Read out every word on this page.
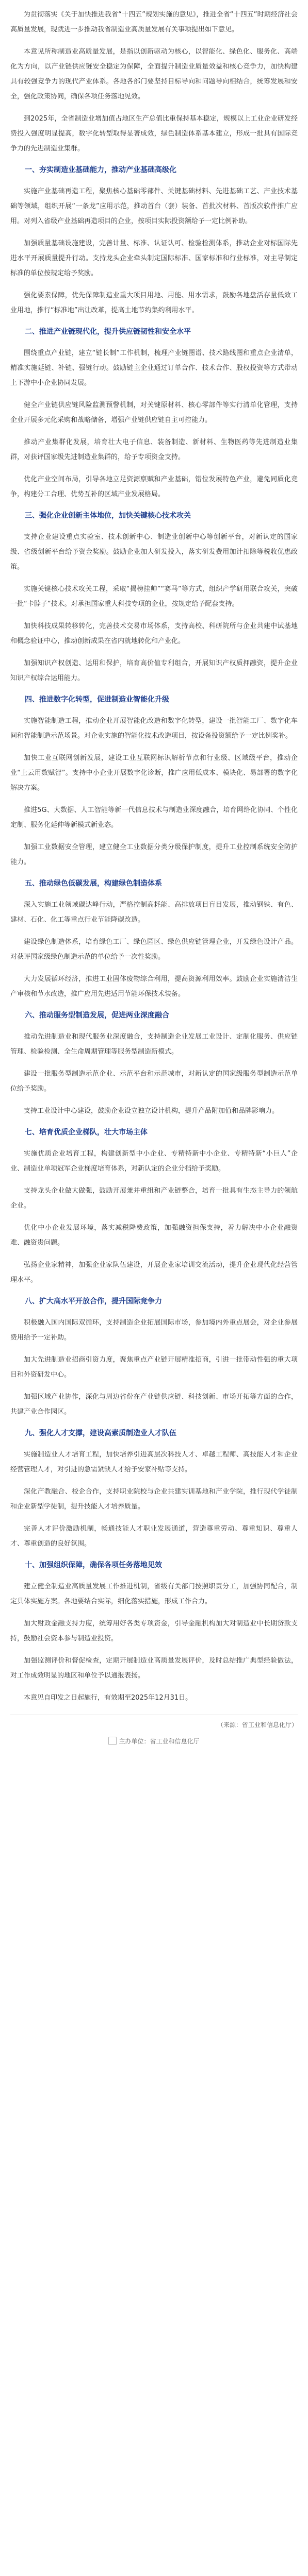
为贯彻落实《关于加快推进我省“十四五”规划实施的意见》，推进全省“十四五”时期经济社会高质量发展，现就进一步推动我省制造业高质量发展有关事项提出如下意见。

本意见所称制造业高质量发展，是指以创新驱动为核心，以智能化、绿色化、服务化、高端化为方向，以产业链供应链安全稳定为保障，全面提升制造业质量效益和核心竞争力，加快构建具有较强竞争力的现代产业体系。各地各部门要坚持目标导向和问题导向相结合，统筹发展和安全，强化政策协同，确保各项任务落地见效。

到2025年，全省制造业增加值占地区生产总值比重保持基本稳定，规模以上工业企业研发经费投入强度明显提高，数字化转型取得显著成效，绿色制造体系基本建立，形成一批具有国际竞争力的先进制造业集群。

一、夯实制造业基础能力，推动产业基础高级化

实施产业基础再造工程，聚焦核心基础零部件、关键基础材料、先进基础工艺、产业技术基础等领域，组织开展“一条龙”应用示范，推动首台（套）装备、首批次材料、首版次软件推广应用。对列入省级产业基础再造项目的企业，按项目实际投资额给予一定比例补助。

加强质量基础设施建设，完善计量、标准、认证认可、检验检测体系，推动企业对标国际先进水平开展质量提升行动。支持龙头企业牵头制定国际标准、国家标准和行业标准，对主导制定标准的单位按规定给予奖励。

强化要素保障，优先保障制造业重大项目用地、用能、用水需求，鼓励各地盘活存量低效工业用地，推行“标准地”出让改革，提高土地节约集约利用水平。

二、推进产业链现代化，提升供应链韧性和安全水平

围绕重点产业链，建立“链长制”工作机制，梳理产业链图谱、技术路线图和重点企业清单，精准实施延链、补链、强链行动。鼓励链主企业通过订单合作、技术合作、股权投资等方式带动上下游中小企业协同发展。

健全产业链供应链风险监测预警机制，对关键原材料、核心零部件等实行清单化管理，支持企业开展多元化采购和战略储备，增强产业链供应链自主可控能力。

推动产业集群化发展，培育壮大电子信息、装备制造、新材料、生物医药等先进制造业集群，对获评国家级先进制造业集群的，给予专项资金支持。

优化产业空间布局，引导各地立足资源禀赋和产业基础，错位发展特色产业，避免同质化竞争，构建分工合理、优势互补的区域产业发展格局。

三、强化企业创新主体地位，加快关键核心技术攻关

支持企业建设重点实验室、技术创新中心、制造业创新中心等创新平台，对新认定的国家级、省级创新平台给予资金奖励。鼓励企业加大研发投入，落实研发费用加计扣除等税收优惠政策。

实施关键核心技术攻关工程，采取“揭榜挂帅”“赛马”等方式，组织产学研用联合攻关，突破一批“卡脖子”技术。对承担国家重大科技专项的企业，按规定给予配套支持。

加快科技成果转移转化，完善技术交易市场体系，支持高校、科研院所与企业共建中试基地和概念验证中心，推动创新成果在省内就地转化和产业化。

加强知识产权创造、运用和保护，培育高价值专利组合，开展知识产权质押融资，提升企业知识产权综合运用能力。

四、推进数字化转型，促进制造业智能化升级

实施智能制造工程，推动企业开展智能化改造和数字化转型，建设一批智能工厂、数字化车间和智能制造示范场景。对企业实施的智能化技术改造项目，按设备投资额给予一定比例奖补。

加快工业互联网创新发展，建设工业互联网标识解析节点和行业级、区域级平台，推动企业“上云用数赋智”。支持中小企业开展数字化诊断，推广应用低成本、模块化、易部署的数字化解决方案。

推进5G、大数据、人工智能等新一代信息技术与制造业深度融合，培育网络化协同、个性化定制、服务化延伸等新模式新业态。

加强工业数据安全管理，建立健全工业数据分类分级保护制度，提升工业控制系统安全防护能力。

五、推动绿色低碳发展，构建绿色制造体系

深入实施工业领域碳达峰行动，严格控制高耗能、高排放项目盲目发展，推动钢铁、有色、建材、石化、化工等重点行业节能降碳改造。

建设绿色制造体系，培育绿色工厂、绿色园区、绿色供应链管理企业，开发绿色设计产品。对获评国家级绿色制造示范的单位给予一次性奖励。

大力发展循环经济，推进工业固体废物综合利用，提高资源利用效率。鼓励企业实施清洁生产审核和节水改造，推广应用先进适用节能环保技术装备。

六、推动服务型制造发展，促进两业深度融合

推动先进制造业和现代服务业深度融合，支持制造企业发展工业设计、定制化服务、供应链管理、检验检测、全生命周期管理等服务型制造新模式。

建设一批服务型制造示范企业、示范平台和示范城市，对新认定的国家级服务型制造示范单位给予奖励。

支持工业设计中心建设，鼓励企业设立独立设计机构，提升产品附加值和品牌影响力。

七、培育优质企业梯队，壮大市场主体

实施优质企业培育工程，构建创新型中小企业、专精特新中小企业、专精特新“小巨人”企业、制造业单项冠军企业梯度培育体系，对新认定的企业分档给予奖励。

支持龙头企业做大做强，鼓励开展兼并重组和产业链整合，培育一批具有生态主导力的领航企业。

优化中小企业发展环境，落实减税降费政策，加强融资担保支持，着力解决中小企业融资难、融资贵问题。

弘扬企业家精神，加强企业家队伍建设，开展企业家培训交流活动，提升企业现代化经营管理水平。

八、扩大高水平开放合作，提升国际竞争力

积极融入国内国际双循环，支持制造企业拓展国际市场，参加境内外重点展会，对企业参展费用给予一定补助。

加大先进制造业招商引资力度，聚焦重点产业链开展精准招商，引进一批带动性强的重大项目和外资研发中心。

加强区域产业协作，深化与周边省份在产业链供应链、科技创新、市场开拓等方面的合作，共建产业合作园区。

九、强化人才支撑，建设高素质制造业人才队伍

实施制造业人才培育工程，加快培养引进高层次科技人才、卓越工程师、高技能人才和企业经营管理人才，对引进的急需紧缺人才给予安家补贴等支持。

深化产教融合、校企合作，支持职业院校与企业共建实训基地和产业学院，推行现代学徒制和企业新型学徒制，提升技能人才培养质量。

完善人才评价激励机制，畅通技能人才职业发展通道，营造尊重劳动、尊重知识、尊重人才、尊重创造的良好氛围。

十、加强组织保障，确保各项任务落地见效

建立健全制造业高质量发展工作推进机制，省级有关部门按照职责分工，加强协同配合，制定具体实施方案。各地要结合实际，细化落实措施，形成工作合力。

加大财政金融支持力度，统筹用好各类专项资金，引导金融机构加大对制造业中长期贷款支持，鼓励社会资本参与制造业投资。

加强监测评价和督促检查，定期开展制造业高质量发展评价，及时总结推广典型经验做法，对工作成效明显的地区和单位予以通报表扬。

本意见自印发之日起施行，有效期至2025年12月31日。

（来源：省工业和信息化厅）
主办单位：省工业和信息化厅
